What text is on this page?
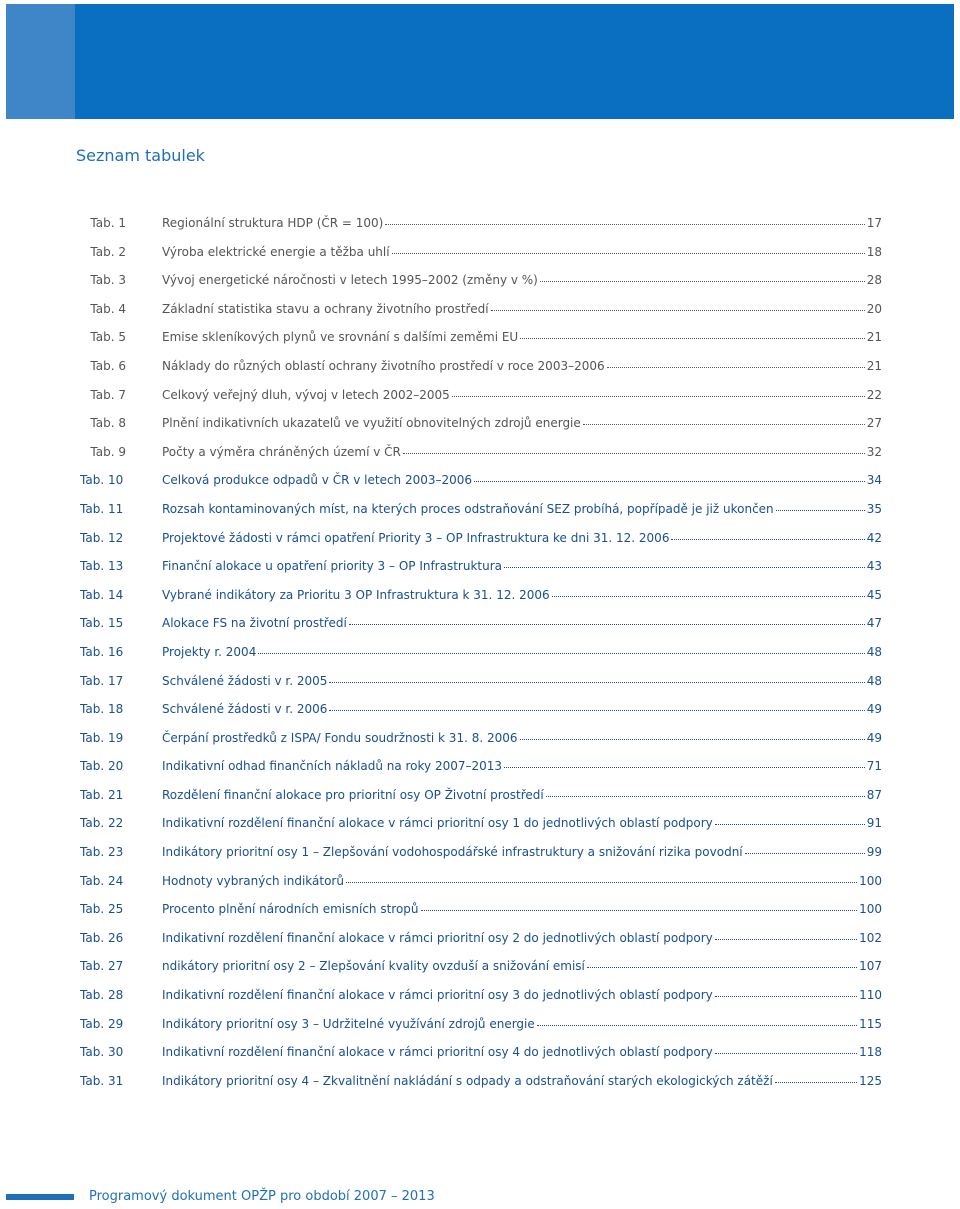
Seznam tabulek
Tab. 1	Regionální struktura HDP (ČR = 100)	17
Tab. 2	Výroba elektrické energie a těžba uhlí	18
Tab. 3	Vývoj energetické náročnosti v letech 1995–2002 (změny v %)	28
Tab. 4	Základní statistika stavu a ochrany životního prostředí	20
Tab. 5	Emise skleníkových plynů ve srovnání s dalšími zeměmi EU	21
Tab. 6	Náklady do různých oblastí ochrany životního prostředí v roce 2003–2006	21
Tab. 7	Celkový veřejný dluh, vývoj v letech 2002–2005	22
Tab. 8	Plnění indikativních ukazatelů ve využití obnovitelných zdrojů energie	27
Tab. 9	Počty a výměra chráněných území v ČR	32
Tab. 10	Celková produkce odpadů v ČR v letech 2003–2006	34
Tab. 11	Rozsah kontaminovaných míst, na kterých proces odstraňování SEZ probíhá, popřípadě je již ukončen	35
Tab. 12	Projektové žádosti v rámci opatření Priority 3 – OP Infrastruktura ke dni 31. 12. 2006	42
Tab. 13	Finanční alokace u opatření priority 3 – OP Infrastruktura	43
Tab. 14	Vybrané indikátory za Prioritu 3 OP Infrastruktura k 31. 12. 2006	45
Tab. 15	Alokace FS na životní prostředí	47
Tab. 16	Projekty r. 2004	48
Tab. 17	Schválené žádosti v r. 2005	48
Tab. 18	Schválené žádosti v r. 2006	49
Tab. 19	Čerpání prostředků z ISPA/ Fondu soudržnosti k 31. 8. 2006	49
Tab. 20	Indikativní odhad finančních nákladů na roky 2007–2013	71
Tab. 21	Rozdělení finanční alokace pro prioritní osy OP Životní prostředí	87
Tab. 22	Indikativní rozdělení finanční alokace v rámci prioritní osy 1 do jednotlivých oblastí podpory	91
Tab. 23	Indikátory prioritní osy 1 – Zlepšování vodohospodářské infrastruktury a snižování rizika povodní	99
Tab. 24	Hodnoty vybraných indikátorů	100
Tab. 25	Procento plnění národních emisních stropů	100
Tab. 26	Indikativní rozdělení finanční alokace v rámci prioritní osy 2 do jednotlivých oblastí podpory	102
Tab. 27	ndikátory prioritní osy 2 – Zlepšování kvality ovzduší a snižování emisí	107
Tab. 28	Indikativní rozdělení finanční alokace v rámci prioritní osy 3 do jednotlivých oblastí podpory	110
Tab. 29	Indikátory prioritní osy 3 – Udržitelné využívání zdrojů energie	115
Tab. 30	Indikativní rozdělení finanční alokace v rámci prioritní osy 4 do jednotlivých oblastí podpory	118
Tab. 31	Indikátory prioritní osy 4 – Zkvalitnění nakládání s odpady a odstraňování starých ekologických zátěží	125
Programový dokument OPŽP pro období 2007 – 2013
